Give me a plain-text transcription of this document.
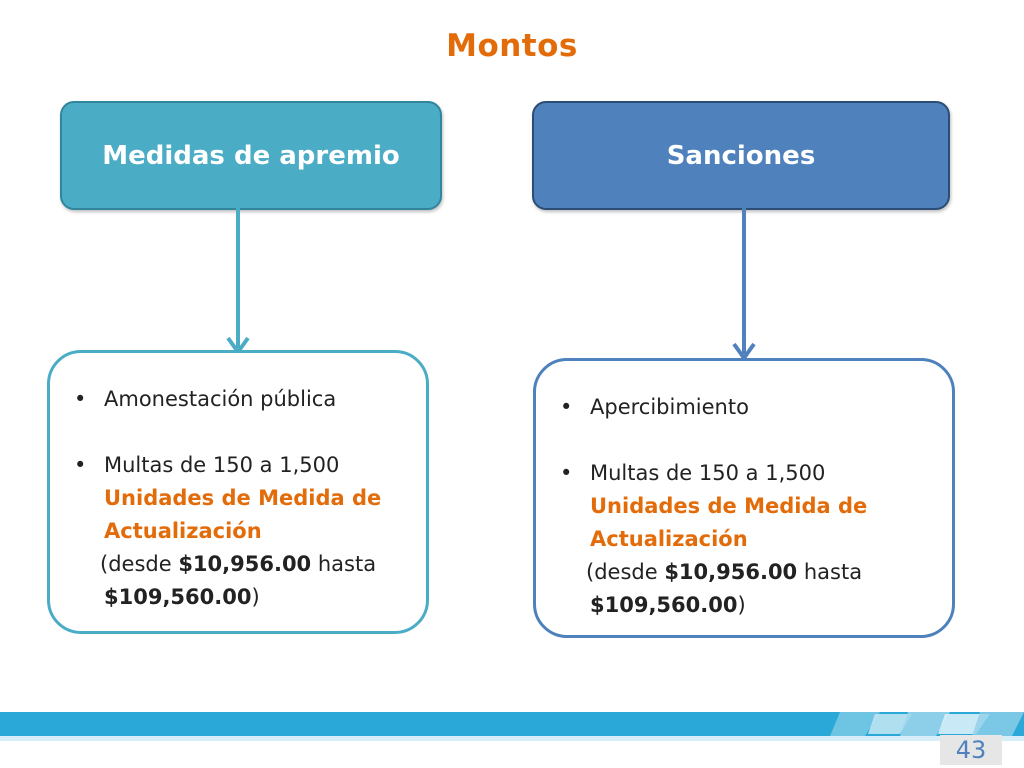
Montos
Medidas de apremio	Sanciones
• Amonestación pública
• Multas de 150 a 1,500
Unidades de Medida de
Actualización
(desde $10,956.00 hasta
$109,560.00)
• Apercibimiento
• Multas de 150 a 1,500
Unidades de Medida de
Actualización
(desde $10,956.00 hasta
$109,560.00)
43
